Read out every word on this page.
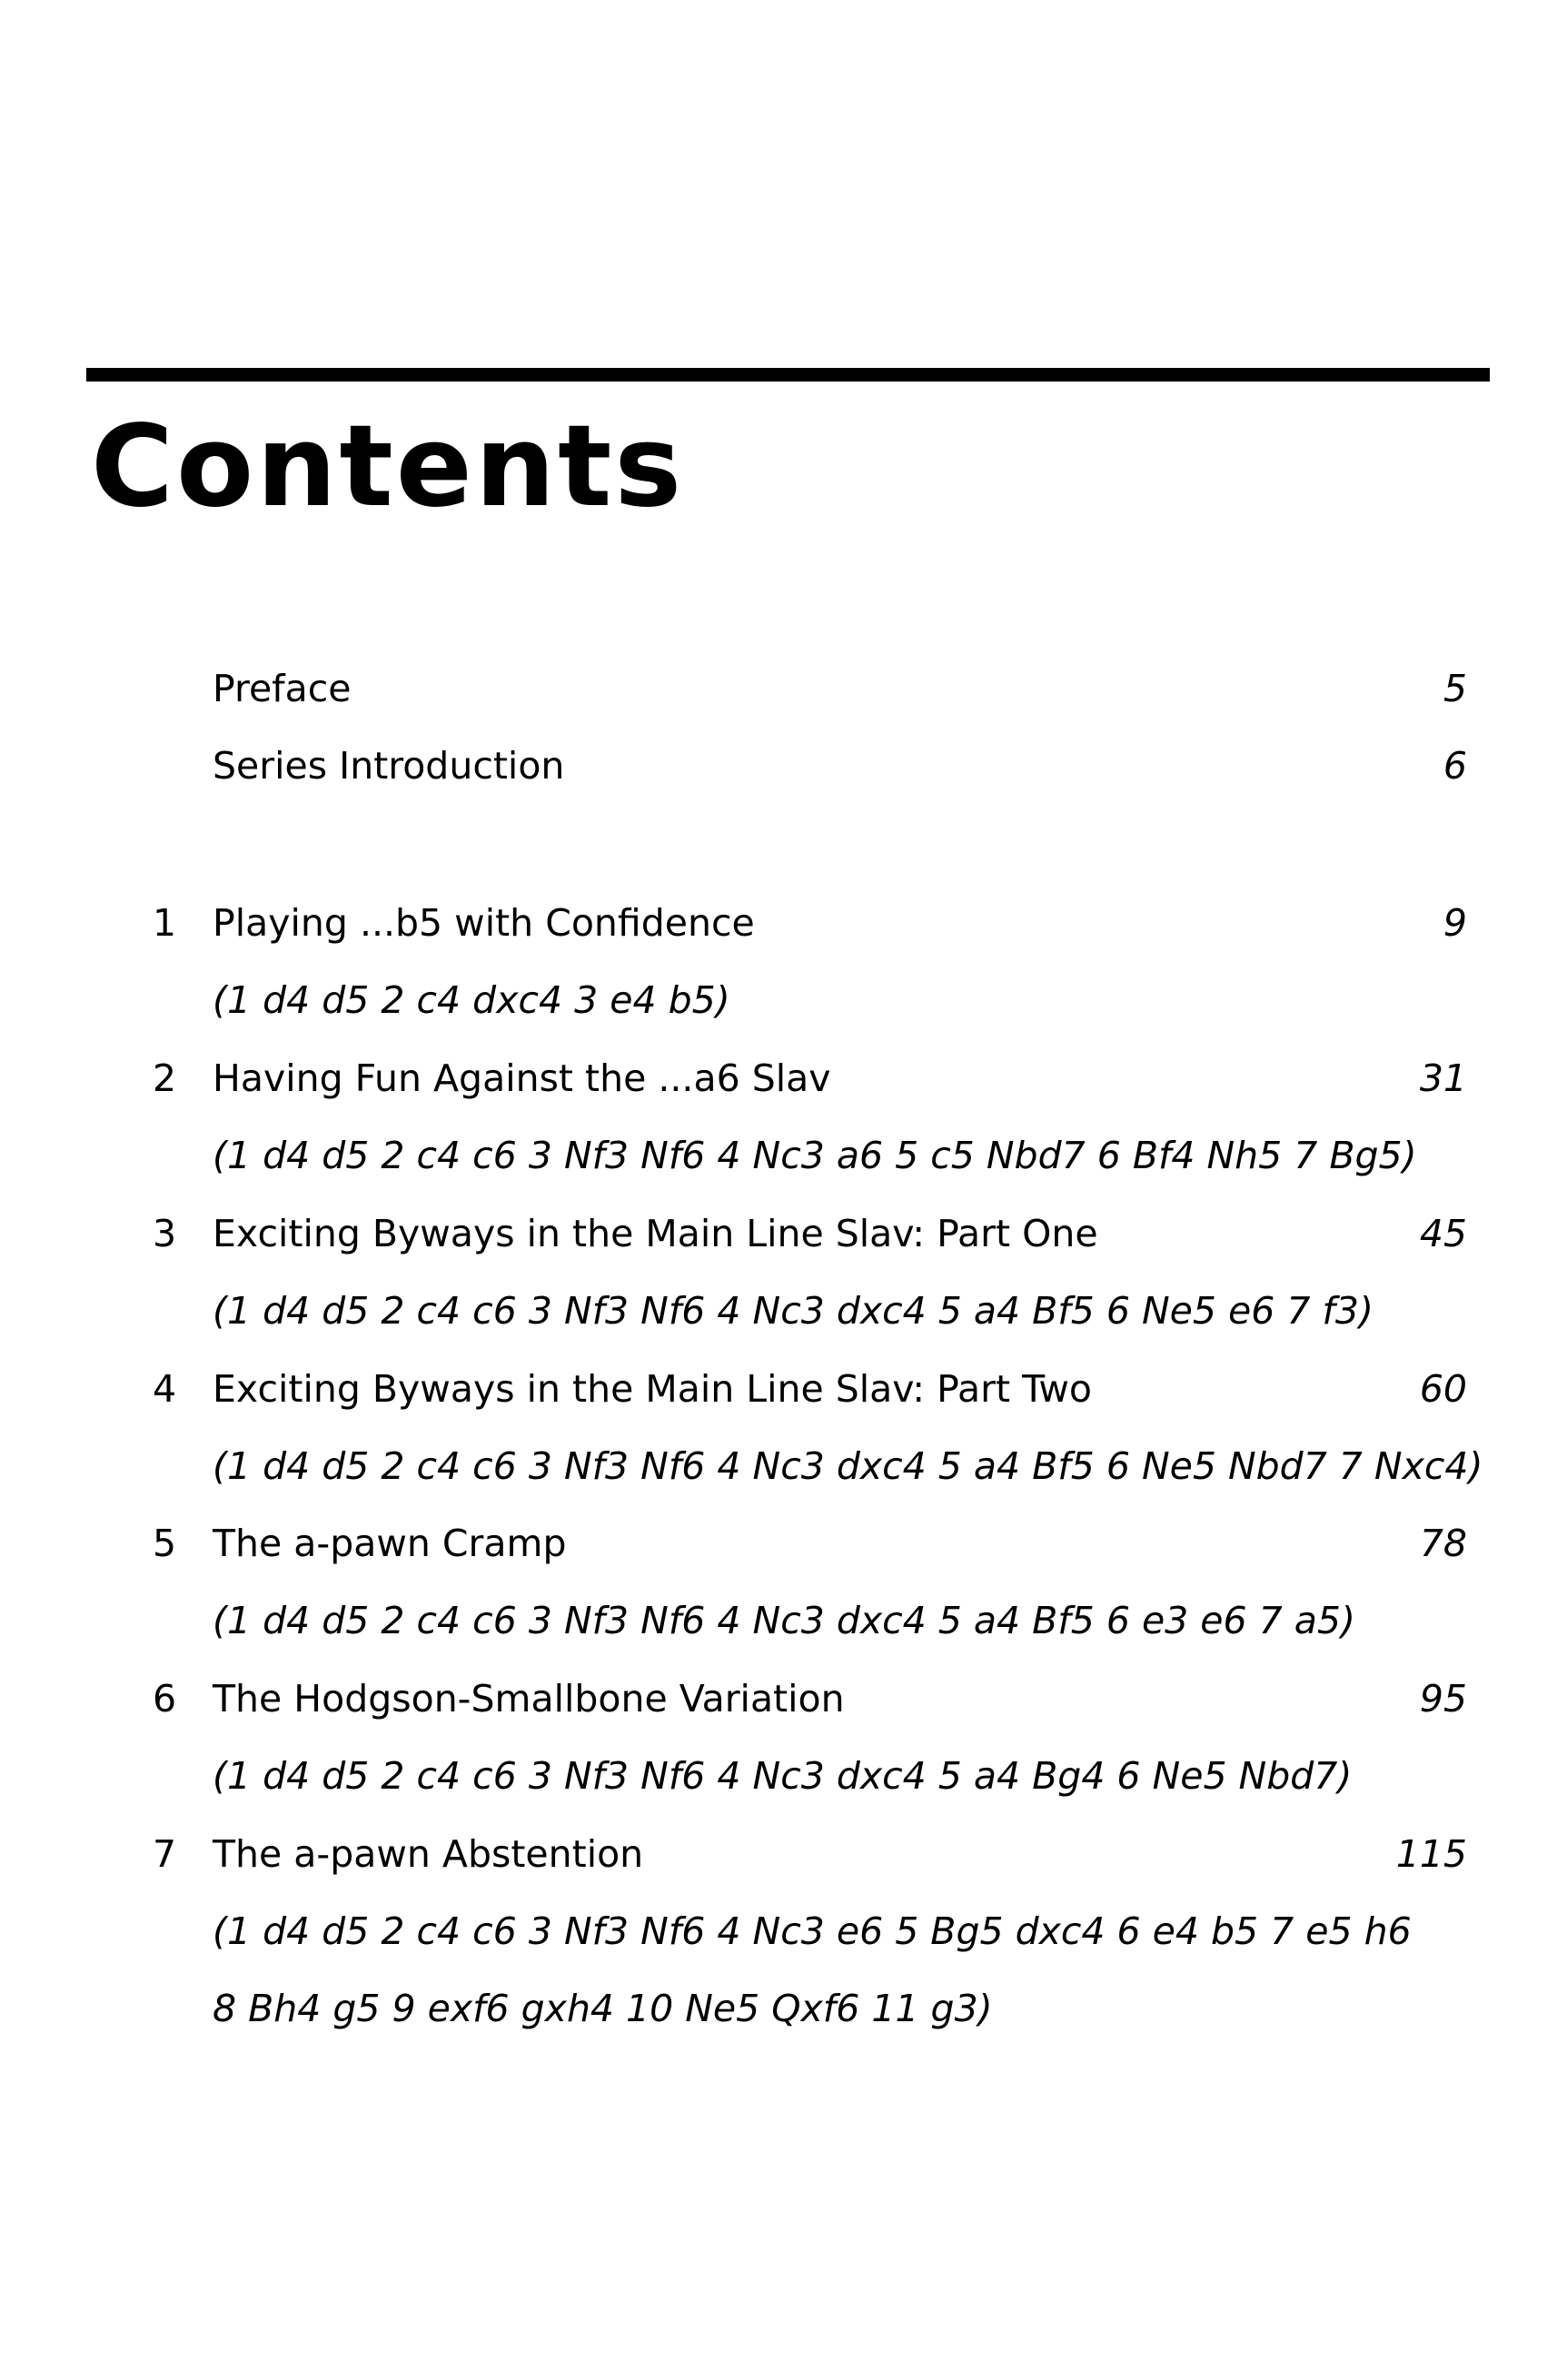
Contents
Preface	5
Series Introduction	6
1 Playing ...b5 with Confidence	9
(1 d4 d5 2 c4 dxc4 3 e4 b5)
2 Having Fun Against the ...a6 Slav	31
(1 d4 d5 2 c4 c6 3 Nf3 Nf6 4 Nc3 a6 5 c5 Nbd7 6 Bf4 Nh5 7 Bg5)
3 Exciting Byways in the Main Line Slav: Part One	45
(1 d4 d5 2 c4 c6 3 Nf3 Nf6 4 Nc3 dxc4 5 a4 Bf5 6 Ne5 e6 7 f3)
4 Exciting Byways in the Main Line Slav: Part Two	60
(1 d4 d5 2 c4 c6 3 Nf3 Nf6 4 Nc3 dxc4 5 a4 Bf5 6 Ne5 Nbd7 7 Nxc4)
5 The a-pawn Cramp	78
(1 d4 d5 2 c4 c6 3 Nf3 Nf6 4 Nc3 dxc4 5 a4 Bf5 6 e3 e6 7 a5)
6 The Hodgson-Smallbone Variation	95
(1 d4 d5 2 c4 c6 3 Nf3 Nf6 4 Nc3 dxc4 5 a4 Bg4 6 Ne5 Nbd7)
7 The a-pawn Abstention	115
(1 d4 d5 2 c4 c6 3 Nf3 Nf6 4 Nc3 e6 5 Bg5 dxc4 6 e4 b5 7 e5 h6
8 Bh4 g5 9 exf6 gxh4 10 Ne5 Qxf6 11 g3)
